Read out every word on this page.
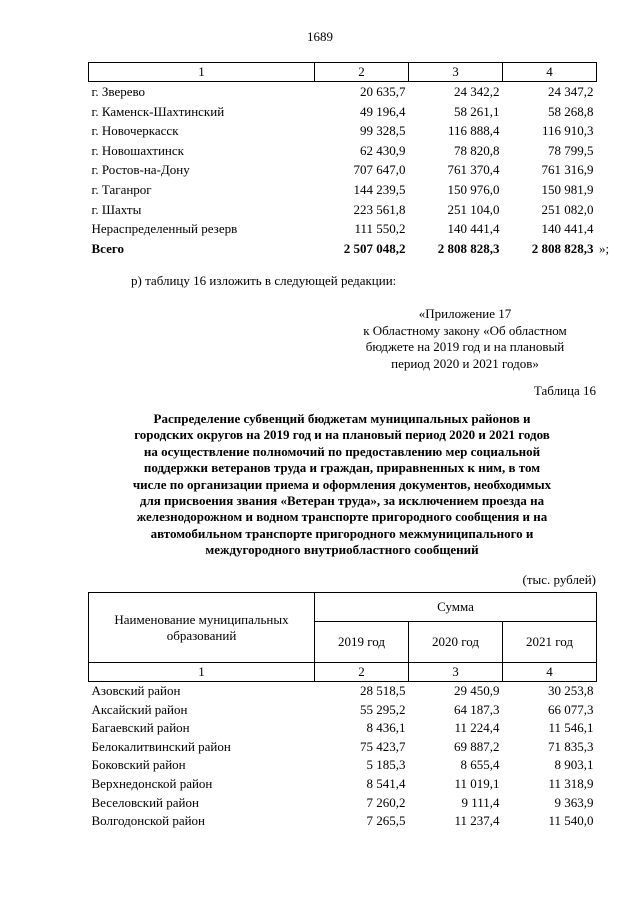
1689
1	2	3	4
г. Зверево	20 635,7	24 342,2	24 347,2
г. Каменск-Шахтинский	49 196,4	58 261,1	58 268,8
г. Новочеркасск	99 328,5	116 888,4	116 910,3
г. Новошахтинск	62 430,9	78 820,8	78 799,5
г. Ростов-на-Дону	707 647,0	761 370,4	761 316,9
г. Таганрог	144 239,5	150 976,0	150 981,9
г. Шахты	223 561,8	251 104,0	251 082,0
Нераспределенный резерв	111 550,2	140 441,4	140 441,4
Всего	2 507 048,2	2 808 828,3	2 808 828,3 »;
р) таблицу 16 изложить в следующей редакции:
«Приложение 17
к Областному закону «Об областном
бюджете на 2019 год и на плановый
период 2020 и 2021 годов»
Таблица 16
Распределение субвенций бюджетам муниципальных районов и
городских округов на 2019 год и на плановый период 2020 и 2021 годов
на осуществление полномочий по предоставлению мер социальной
поддержки ветеранов труда и граждан, приравненных к ним, в том
числе по организации приема и оформления документов, необходимых
для присвоения звания «Ветеран труда», за исключением проезда на
железнодорожном и водном транспорте пригородного сообщения и на
автомобильном транспорте пригородного межмуниципального и
междугородного внутриобластного сообщений
(тыс. рублей)
Наименование муниципальных образований	Сумма		
	2019 год	2020 год	2021 год
1	2	3	4
Азовский район	28 518,5	29 450,9	30 253,8
Аксайский район	55 295,2	64 187,3	66 077,3
Багаевский район	8 436,1	11 224,4	11 546,1
Белокалитвинский район	75 423,7	69 887,2	71 835,3
Боковский район	5 185,3	8 655,4	8 903,1
Верхнедонской район	8 541,4	11 019,1	11 318,9
Веселовский район	7 260,2	9 111,4	9 363,9
Волгодонской район	7 265,5	11 237,4	11 540,0
